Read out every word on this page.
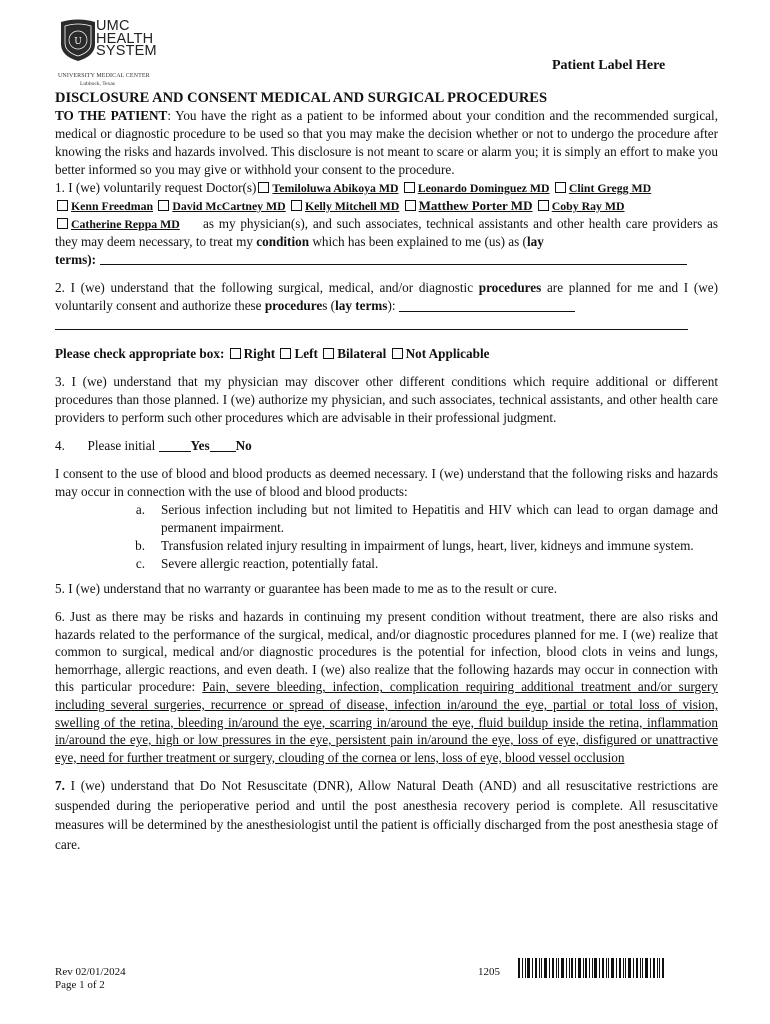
U
UMC
HEALTH
SYSTEM
UNIVERSITY MEDICAL CENTER
Lubbock, Texas
Patient Label Here
DISCLOSURE AND CONSENT MEDICAL AND SURGICAL PROCEDURES

TO THE PATIENT: You have the right as a patient to be informed about your condition and the recommended surgical, medical or diagnostic procedure to be used so that you may make the decision whether or not to undergo the procedure after knowing the risks and hazards involved. This disclosure is not meant to scare or alarm you; it is simply an effort to make you better informed so you may give or withhold your consent to the procedure.

1. I (we) voluntarily request Doctor(s) Temiloluwa Abikoya MD Leonardo Dominguez MD Clint Gregg MD
Kenn Freedman David McCartney MD Kelly Mitchell MD Matthew Porter MD Coby Ray MD
Catherine Reppa MD	as my physician(s), and such associates, technical assistants and other health care providers as they may deem necessary, to treat my condition which has been explained to me (us) as (lay

terms):

2. I (we) understand that the following surgical, medical, and/or diagnostic procedures are planned for me and I (we) voluntarily consent and authorize these procedures (lay terms):

Please check appropriate box: Right Left Bilateral Not Applicable

3. I (we) understand that my physician may discover other different conditions which require additional or different procedures than those planned. I (we) authorize my physician, and such associates, technical assistants, and other health care providers to perform such other procedures which are advisable in their professional judgment.

4. Please initial	Yes No

I consent to the use of blood and blood products as deemed necessary. I (we) understand that the following risks and hazards may occur in connection with the use of blood and blood products:

a.	Serious infection including but not limited to Hepatitis and HIV which can lead to organ damage and permanent impairment.
b.	Transfusion related injury resulting in impairment of lungs, heart, liver, kidneys and immune system.
c.	Severe allergic reaction, potentially fatal.

5. I (we) understand that no warranty or guarantee has been made to me as to the result or cure.

6. Just as there may be risks and hazards in continuing my present condition without treatment, there are also risks and hazards related to the performance of the surgical, medical, and/or diagnostic procedures planned for me. I (we) realize that common to surgical, medical and/or diagnostic procedures is the potential for infection, blood clots in veins and lungs, hemorrhage, allergic reactions, and even death. I (we) also realize that the following hazards may occur in connection with this particular procedure: Pain, severe bleeding, infection, complication requiring additional treatment and/or surgery including several surgeries, recurrence or spread of disease, infection in/around the eye, partial or total loss of vision, swelling of the retina, bleeding in/around the eye, scarring in/around the eye, fluid buildup inside the retina, inflammation in/around the eye, high or low pressures in the eye, persistent pain in/around the eye, loss of eye, disfigured or unattractive eye, need for further treatment or surgery, clouding of the cornea or lens, loss of eye, blood vessel occlusion

7. I (we) understand that Do Not Resuscitate (DNR), Allow Natural Death (AND) and all resuscitative restrictions are suspended during the perioperative period and until the post anesthesia recovery period is complete. All resuscitative measures will be determined by the anesthesiologist until the patient is officially discharged from the post anesthesia stage of care.

Rev 02/01/2024
Page 1 of 2
1205
